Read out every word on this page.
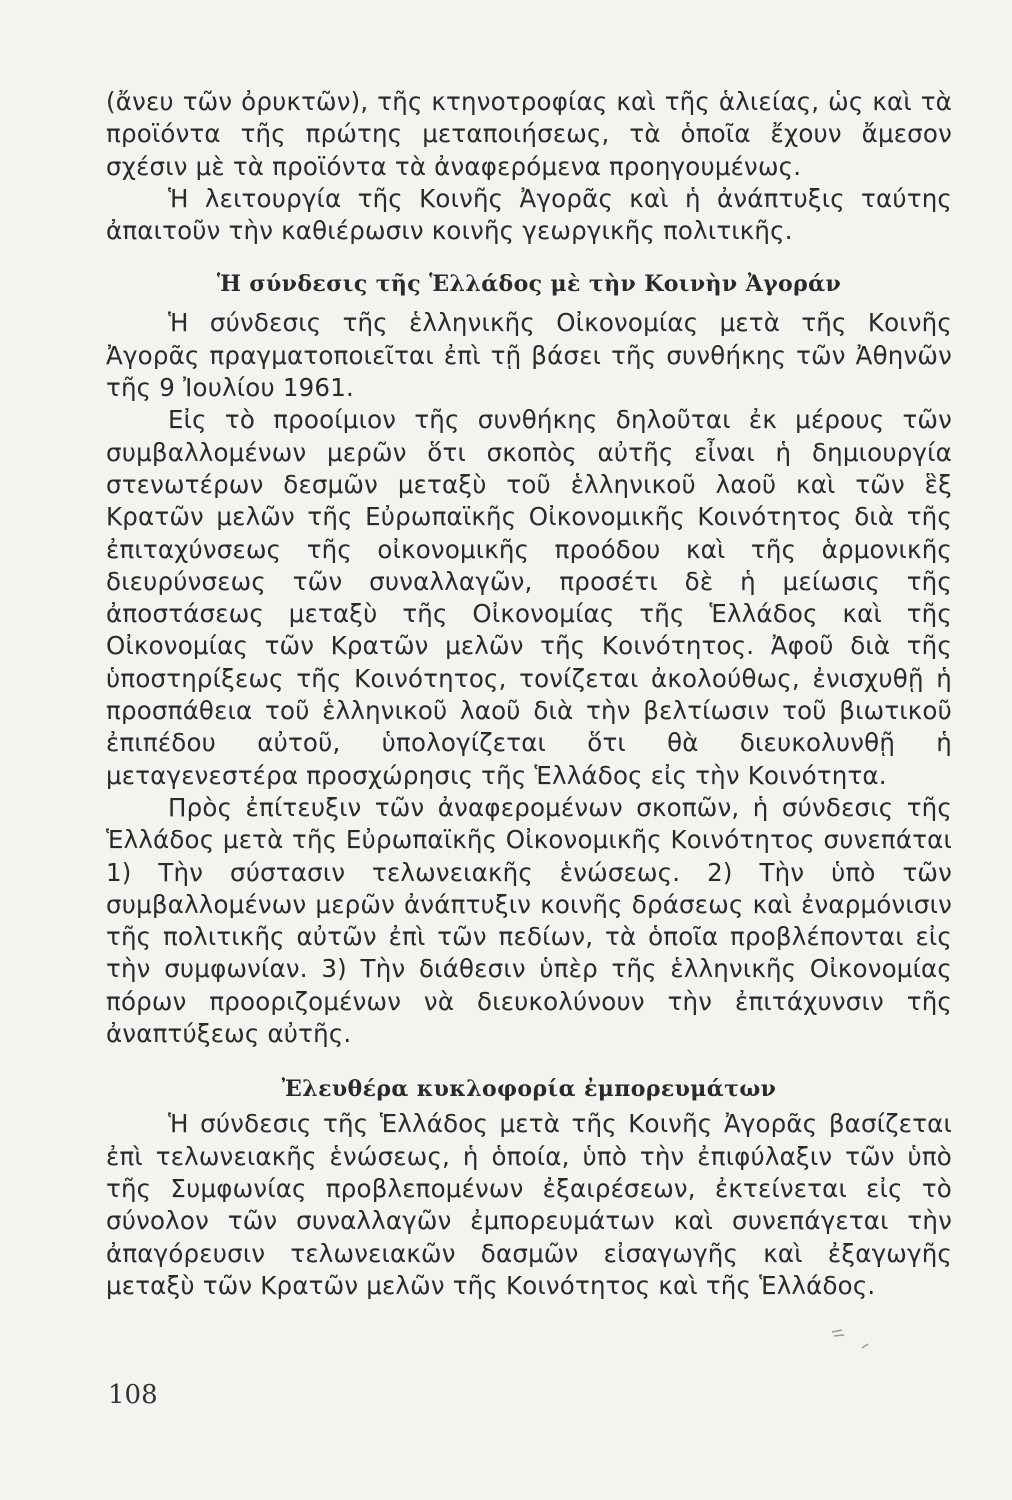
(ἄνευ τῶν ὀρυκτῶν), τῆς κτηνοτροφίας καὶ τῆς ἁλιείας, ὡς καὶ τὰ προϊόντα τῆς πρώτης μεταποιήσεως, τὰ ὁποῖα ἔχουν ἄμεσον σχέσιν μὲ τὰ προϊόντα τὰ ἀναφερόμενα προηγουμένως.

Ἡ λειτουργία τῆς Κοινῆς Ἀγορᾶς καὶ ἡ ἀνάπτυξις ταύτης ἀπαιτοῦν τὴν καθιέρωσιν κοινῆς γεωργικῆς πολιτικῆς.

Ἡ σύνδεσις τῆς Ἑλλάδος μὲ τὴν Κοινὴν Ἀγοράν

Ἡ σύνδεσις τῆς ἑλληνικῆς Οἰκονομίας μετὰ τῆς Κοινῆς Ἀγορᾶς πραγματοποιεῖται ἐπὶ τῇ βάσει τῆς συνθήκης τῶν Ἀθηνῶν τῆς 9 Ἰουλίου 1961.

Εἰς τὸ προοίμιον τῆς συνθήκης δηλοῦται ἐκ μέρους τῶν συμβαλλομένων μερῶν ὅτι σκοπὸς αὐτῆς εἶναι ἡ δημιουργία στενωτέρων δεσμῶν μεταξὺ τοῦ ἑλληνικοῦ λαοῦ καὶ τῶν ἓξ Κρατῶν μελῶν τῆς Εὐρωπαϊκῆς Οἰκονομικῆς Κοινότητος διὰ τῆς ἐπιταχύνσεως τῆς οἰκονομικῆς προόδου καὶ τῆς ἁρμονικῆς διευρύνσεως τῶν συναλλαγῶν, προσέτι δὲ ἡ μείωσις τῆς ἀποστάσεως μεταξὺ τῆς Οἰκονομίας τῆς Ἑλλάδος καὶ τῆς Οἰκονομίας τῶν Κρατῶν μελῶν τῆς Κοινότητος. Ἀφοῦ διὰ τῆς ὑποστηρίξεως τῆς Κοινότητος, τονίζεται ἀκολούθως, ἐνισχυθῇ ἡ προσπάθεια τοῦ ἑλληνικοῦ λαοῦ διὰ τὴν βελτίωσιν τοῦ βιωτικοῦ ἐπιπέδου αὐτοῦ, ὑπολογίζεται ὅτι θὰ διευκολυνθῇ ἡ μεταγενεστέρα προσχώρησις τῆς Ἑλλάδος εἰς τὴν Κοινότητα.

Πρὸς ἐπίτευξιν τῶν ἀναφερομένων σκοπῶν, ἡ σύνδεσις τῆς Ἑλλάδος μετὰ τῆς Εὐρωπαϊκῆς Οἰκονομικῆς Κοινότητος συνεπάται 1) Τὴν σύστασιν τελωνειακῆς ἑνώσεως. 2) Τὴν ὑπὸ τῶν συμβαλλομένων μερῶν ἀνάπτυξιν κοινῆς δράσεως καὶ ἐναρμόνισιν τῆς πολιτικῆς αὐτῶν ἐπὶ τῶν πεδίων, τὰ ὁποῖα προβλέπονται εἰς τὴν συμφωνίαν. 3) Τὴν διάθεσιν ὑπὲρ τῆς ἑλληνικῆς Οἰκονομίας πόρων προοριζομένων νὰ διευκολύνουν τὴν ἐπιτάχυνσιν τῆς ἀναπτύξεως αὐτῆς.

Ἐλευθέρα κυκλοφορία ἐμπορευμάτων

Ἡ σύνδεσις τῆς Ἑλλάδος μετὰ τῆς Κοινῆς Ἀγορᾶς βασίζεται ἐπὶ τελωνειακῆς ἑνώσεως, ἡ ὁποία, ὑπὸ τὴν ἐπιφύλαξιν τῶν ὑπὸ τῆς Συμφωνίας προβλεπομένων ἐξαιρέσεων, ἐκτείνεται εἰς τὸ σύνολον τῶν συναλλαγῶν ἐμπορευμάτων καὶ συνεπάγεται τὴν ἀπαγόρευσιν τελωνειακῶν δασμῶν εἰσαγωγῆς καὶ ἐξαγωγῆς μεταξὺ τῶν Κρατῶν μελῶν τῆς Κοινότητος καὶ τῆς Ἑλλάδος.

108
